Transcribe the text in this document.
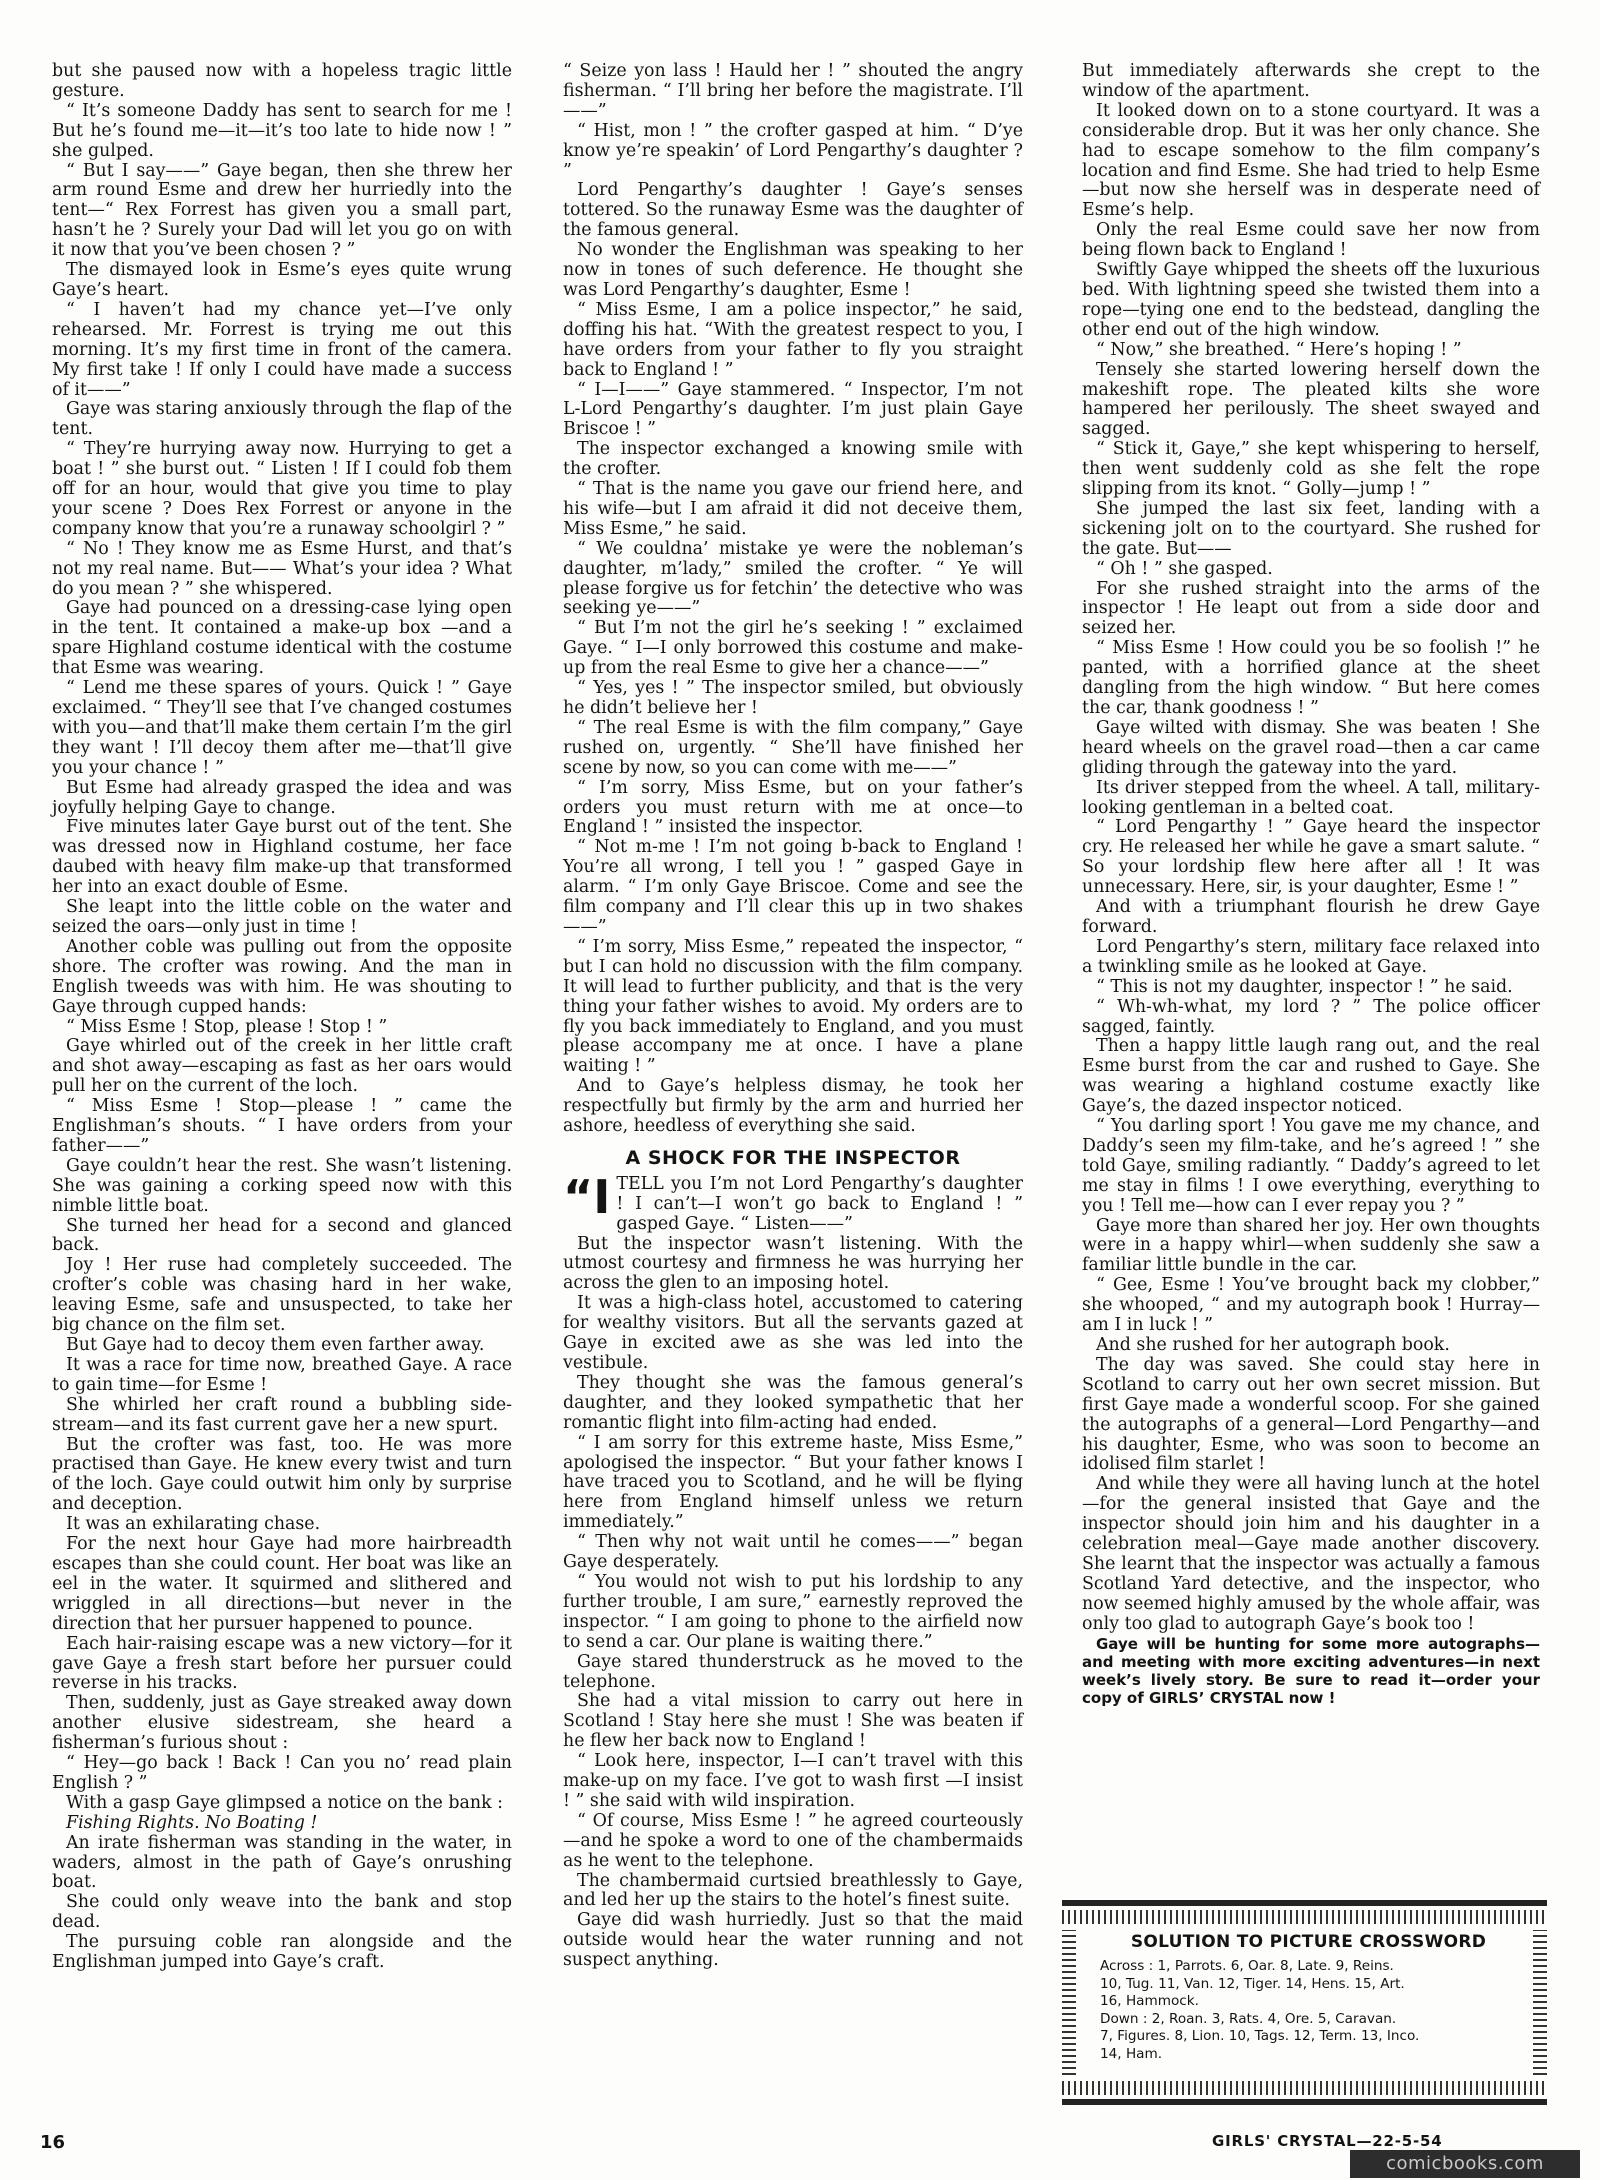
but she paused now with a hopeless tragic little gesture.

“ It’s someone Daddy has sent to search for me ! But he’s found me—it—it’s too late to hide now ! ” she gulped.

“ But I say——” Gaye began, then she threw her arm round Esme and drew her hurriedly into the tent—“ Rex Forrest has given you a small part, hasn’t he ? Surely your Dad will let you go on with it now that you’ve been chosen ? ”

The dismayed look in Esme’s eyes quite wrung Gaye’s heart.

“ I haven’t had my chance yet—I’ve only rehearsed. Mr. Forrest is trying me out this morning. It’s my first time in front of the camera. My first take ! If only I could have made a success of it——”

Gaye was staring anxiously through the flap of the tent.

“ They’re hurrying away now. Hurrying to get a boat ! ” she burst out. “ Listen ! If I could fob them off for an hour, would that give you time to play your scene ? Does Rex Forrest or anyone in the company know that you’re a runaway schoolgirl ? ”

“ No ! They know me as Esme Hurst, and that’s not my real name. But—— What’s your idea ? What do you mean ? ” she whispered.

Gaye had pounced on a dressing-case lying open in the tent. It contained a make-up box —and a spare Highland costume identical with the costume that Esme was wearing.

“ Lend me these spares of yours. Quick ! ” Gaye exclaimed. “ They’ll see that I’ve changed costumes with you—and that’ll make them certain I’m the girl they want ! I’ll decoy them after me—that’ll give you your chance ! ”

But Esme had already grasped the idea and was joyfully helping Gaye to change.

Five minutes later Gaye burst out of the tent. She was dressed now in Highland costume, her face daubed with heavy film make-up that transformed her into an exact double of Esme.

She leapt into the little coble on the water and seized the oars—only just in time !

Another coble was pulling out from the opposite shore. The crofter was rowing. And the man in English tweeds was with him. He was shouting to Gaye through cupped hands:

“ Miss Esme ! Stop, please ! Stop ! ”

Gaye whirled out of the creek in her little craft and shot away—escaping as fast as her oars would pull her on the current of the loch.

“ Miss Esme ! Stop—please ! ” came the Englishman’s shouts. “ I have orders from your father——”

Gaye couldn’t hear the rest. She wasn’t listening. She was gaining a corking speed now with this nimble little boat.

She turned her head for a second and glanced back.

Joy ! Her ruse had completely succeeded. The crofter’s coble was chasing hard in her wake, leaving Esme, safe and unsuspected, to take her big chance on the film set.

But Gaye had to decoy them even farther away.

It was a race for time now, breathed Gaye. A race to gain time—for Esme !

She whirled her craft round a bubbling side-stream—and its fast current gave her a new spurt.

But the crofter was fast, too. He was more practised than Gaye. He knew every twist and turn of the loch. Gaye could outwit him only by surprise and deception.

It was an exhilarating chase.

For the next hour Gaye had more hairbreadth escapes than she could count. Her boat was like an eel in the water. It squirmed and slithered and wriggled in all directions—but never in the direction that her pursuer happened to pounce.

Each hair-raising escape was a new victory—for it gave Gaye a fresh start before her pursuer could reverse in his tracks.

Then, suddenly, just as Gaye streaked away down another elusive sidestream, she heard a fisherman’s furious shout :

“ Hey—go back ! Back ! Can you no’ read plain English ? ”

With a gasp Gaye glimpsed a notice on the bank :

Fishing Rights. No Boating !

An irate fisherman was standing in the water, in waders, almost in the path of Gaye’s onrushing boat.

She could only weave into the bank and stop dead.

The pursuing coble ran alongside and the Englishman jumped into Gaye’s craft.

“ Seize yon lass ! Hauld her ! ” shouted the angry fisherman. “ I’ll bring her before the magistrate. I’ll——”

“ Hist, mon ! ” the crofter gasped at him. “ D’ye know ye’re speakin’ of Lord Pengarthy’s daughter ? ”

Lord Pengarthy’s daughter ! Gaye’s senses tottered. So the runaway Esme was the daughter of the famous general.

No wonder the Englishman was speaking to her now in tones of such deference. He thought she was Lord Pengarthy’s daughter, Esme !

“ Miss Esme, I am a police inspector,” he said, doffing his hat. “With the greatest respect to you, I have orders from your father to fly you straight back to England ! ”

“ I—I——” Gaye stammered. “ Inspector, I’m not L-Lord Pengarthy’s daughter. I’m just plain Gaye Briscoe ! ”

The inspector exchanged a knowing smile with the crofter.

“ That is the name you gave our friend here, and his wife—but I am afraid it did not deceive them, Miss Esme,” he said.

“ We couldna’ mistake ye were the nobleman’s daughter, m’lady,” smiled the crofter. “ Ye will please forgive us for fetchin’ the detective who was seeking ye——”

“ But I’m not the girl he’s seeking ! ” exclaimed Gaye. “ I—I only borrowed this costume and make-up from the real Esme to give her a chance——”

“ Yes, yes ! ” The inspector smiled, but obviously he didn’t believe her !

“ The real Esme is with the film company,” Gaye rushed on, urgently. “ She’ll have finished her scene by now, so you can come with me——”

“ I’m sorry, Miss Esme, but on your father’s orders you must return with me at once—to England ! ” insisted the inspector.

“ Not m-me ! I’m not going b-back to England ! You’re all wrong, I tell you ! ” gasped Gaye in alarm. “ I’m only Gaye Briscoe. Come and see the film company and I’ll clear this up in two shakes——”

“ I’m sorry, Miss Esme,” repeated the inspector, “ but I can hold no discussion with the film company. It will lead to further publicity, and that is the very thing your father wishes to avoid. My orders are to fly you back immediately to England, and you must please accompany me at once. I have a plane waiting ! ”

And to Gaye’s helpless dismay, he took her respectfully but firmly by the arm and hurried her ashore, heedless of everything she said.

A SHOCK FOR THE INSPECTOR

“I TELL you I’m not Lord Pengarthy’s daughter ! I can’t—I won’t go back to England ! ” gasped Gaye. “ Listen——”

But the inspector wasn’t listening. With the utmost courtesy and firmness he was hurrying her across the glen to an imposing hotel.

It was a high-class hotel, accustomed to catering for wealthy visitors. But all the servants gazed at Gaye in excited awe as she was led into the vestibule.

They thought she was the famous general’s daughter, and they looked sympathetic that her romantic flight into film-acting had ended.

“ I am sorry for this extreme haste, Miss Esme,” apologised the inspector. “ But your father knows I have traced you to Scotland, and he will be flying here from England himself unless we return immediately.”

“ Then why not wait until he comes——” began Gaye desperately.

“ You would not wish to put his lordship to any further trouble, I am sure,” earnestly reproved the inspector. “ I am going to phone to the airfield now to send a car. Our plane is waiting there.”

Gaye stared thunderstruck as he moved to the telephone.

She had a vital mission to carry out here in Scotland ! Stay here she must ! She was beaten if he flew her back now to England !

“ Look here, inspector, I—I can’t travel with this make-up on my face. I’ve got to wash first —I insist ! ” she said with wild inspiration.

“ Of course, Miss Esme ! ” he agreed courteously—and he spoke a word to one of the chambermaids as he went to the telephone.

The chambermaid curtsied breathlessly to Gaye, and led her up the stairs to the hotel’s finest suite.

Gaye did wash hurriedly. Just so that the maid outside would hear the water running and not suspect anything.

But immediately afterwards she crept to the window of the apartment.

It looked down on to a stone courtyard. It was a considerable drop. But it was her only chance. She had to escape somehow to the film company’s location and find Esme. She had tried to help Esme—but now she herself was in desperate need of Esme’s help.

Only the real Esme could save her now from being flown back to England !

Swiftly Gaye whipped the sheets off the luxurious bed. With lightning speed she twisted them into a rope—tying one end to the bedstead, dangling the other end out of the high window.

“ Now,” she breathed. “ Here’s hoping ! ”

Tensely she started lowering herself down the makeshift rope. The pleated kilts she wore hampered her perilously. The sheet swayed and sagged.

“ Stick it, Gaye,” she kept whispering to herself, then went suddenly cold as she felt the rope slipping from its knot. “ Golly—jump ! ”

She jumped the last six feet, landing with a sickening jolt on to the courtyard. She rushed for the gate. But——

“ Oh ! ” she gasped.

For she rushed straight into the arms of the inspector ! He leapt out from a side door and seized her.

“ Miss Esme ! How could you be so foolish !” he panted, with a horrified glance at the sheet dangling from the high window. “ But here comes the car, thank goodness ! ”

Gaye wilted with dismay. She was beaten ! She heard wheels on the gravel road—then a car came gliding through the gateway into the yard.

Its driver stepped from the wheel. A tall, military-looking gentleman in a belted coat.

“ Lord Pengarthy ! ” Gaye heard the inspector cry. He released her while he gave a smart salute. “ So your lordship flew here after all ! It was unnecessary. Here, sir, is your daughter, Esme ! ”

And with a triumphant flourish he drew Gaye forward.

Lord Pengarthy’s stern, military face relaxed into a twinkling smile as he looked at Gaye.

“ This is not my daughter, inspector ! ” he said.

“ Wh-wh-what, my lord ? ” The police officer sagged, faintly.

Then a happy little laugh rang out, and the real Esme burst from the car and rushed to Gaye. She was wearing a highland costume exactly like Gaye’s, the dazed inspector noticed.

“ You darling sport ! You gave me my chance, and Daddy’s seen my film-take, and he’s agreed ! ” she told Gaye, smiling radiantly. “ Daddy’s agreed to let me stay in films ! I owe everything, everything to you ! Tell me—how can I ever repay you ? ”

Gaye more than shared her joy. Her own thoughts were in a happy whirl—when suddenly she saw a familiar little bundle in the car.

“ Gee, Esme ! You’ve brought back my clobber,” she whooped, “ and my autograph book ! Hurray—am I in luck ! ”

And she rushed for her autograph book.

The day was saved. She could stay here in Scotland to carry out her own secret mission. But first Gaye made a wonderful scoop. For she gained the autographs of a general—Lord Pengarthy—and his daughter, Esme, who was soon to become an idolised film starlet !

And while they were all having lunch at the hotel—for the general insisted that Gaye and the inspector should join him and his daughter in a celebration meal—Gaye made another discovery. She learnt that the inspector was actually a famous Scotland Yard detective, and the inspector, who now seemed highly amused by the whole affair, was only too glad to autograph Gaye’s book too !

Gaye will be hunting for some more autographs—and meeting with more exciting adventures—in next week’s lively story. Be sure to read it—order your copy of GIRLS’ CRYSTAL now !

SOLUTION TO PICTURE CROSSWORD

Across : 1, Parrots. 6, Oar. 8, Late. 9, Reins.

10, Tug. 11, Van. 12, Tiger. 14, Hens. 15, Art.

16, Hammock.

Down : 2, Roan. 3, Rats. 4, Ore. 5, Caravan.

7, Figures. 8, Lion. 10, Tags. 12, Term. 13, Inco.

14, Ham.

16	GIRLS' CRYSTAL—22-5-54
comicbooks.com
